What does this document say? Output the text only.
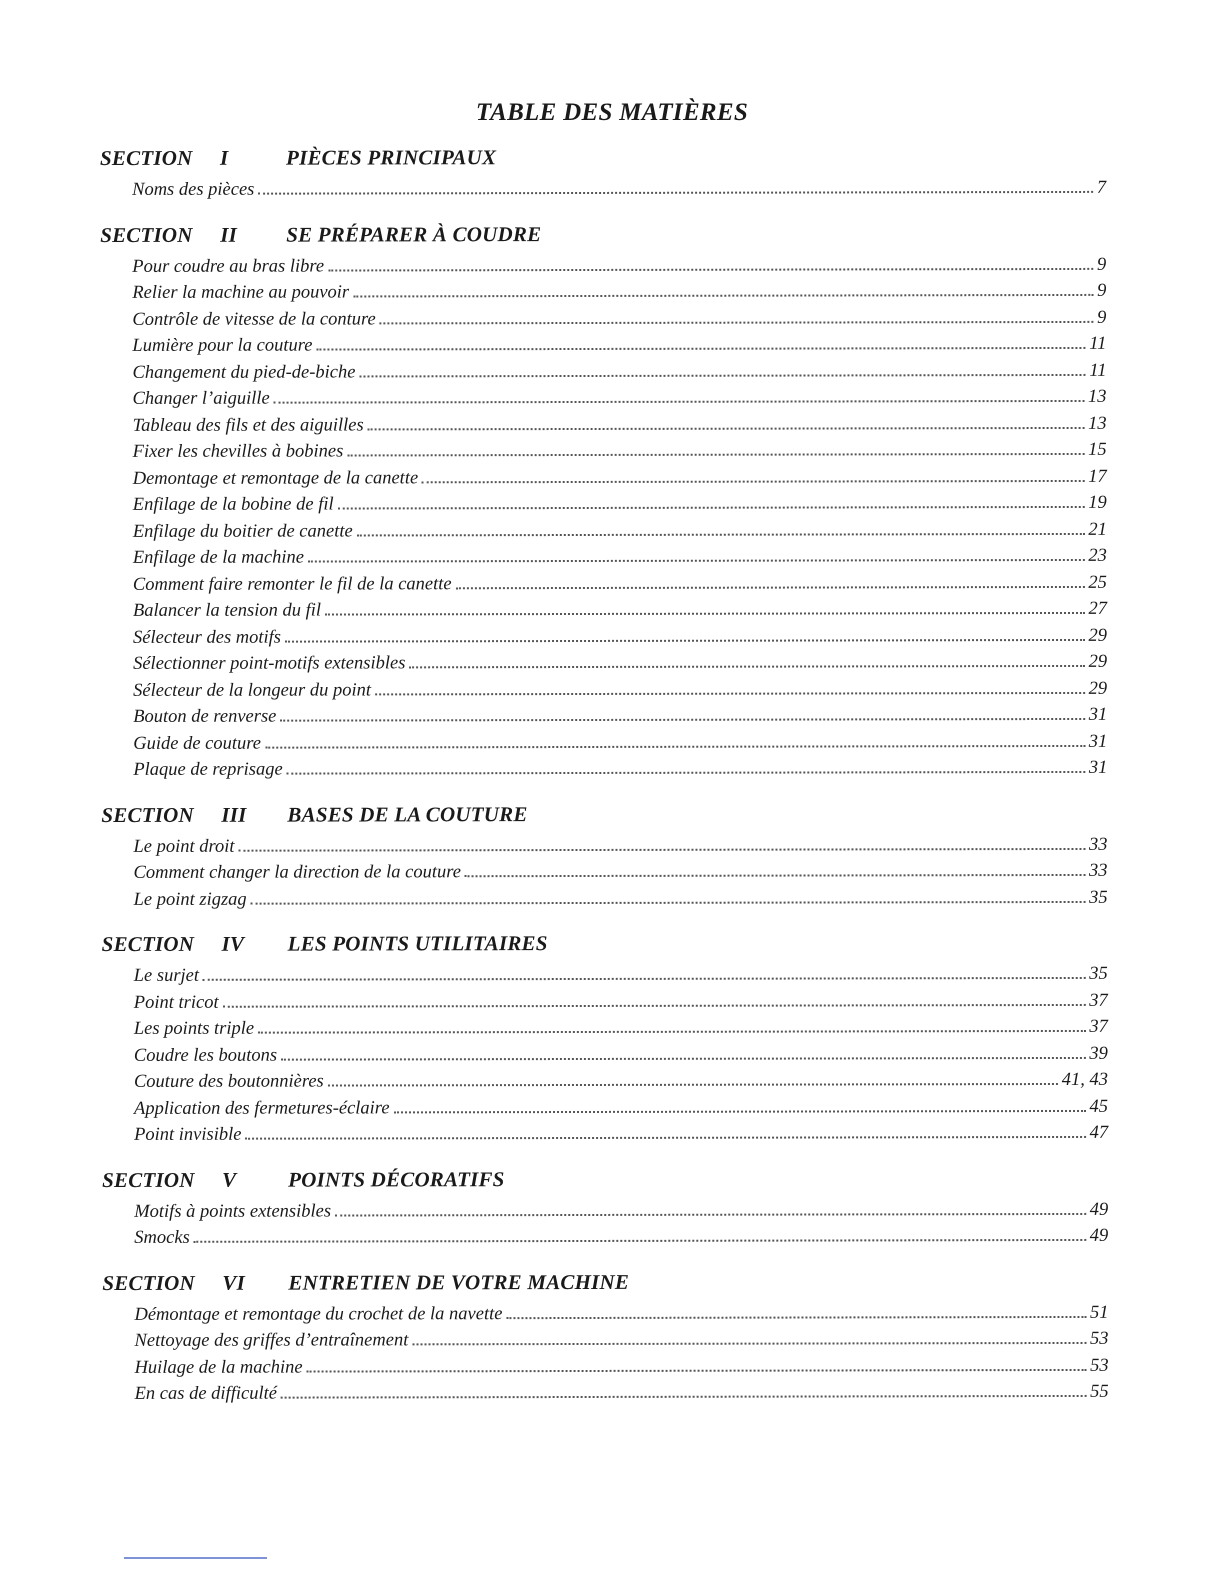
TABLE DES MATIÈRES
SECTION	I	PIÈCES PRINCIPAUX
Noms des pièces	7
SECTION	II	SE PRÉPARER À COUDRE
Pour coudre au bras libre	9
Relier la machine au pouvoir	9
Contrôle de vitesse de la conture	9
Lumière pour la couture	11
Changement du pied-de-biche	11
Changer l’aiguille	13
Tableau des fils et des aiguilles	13
Fixer les chevilles à bobines	15
Demontage et remontage de la canette	17
Enfilage de la bobine de fil	19
Enfilage du boitier de canette	21
Enfilage de la machine	23
Comment faire remonter le fil de la canette	25
Balancer la tension du fil	27
Sélecteur des motifs	29
Sélectionner point-motifs extensibles	29
Sélecteur de la longeur du point	29
Bouton de renverse	31
Guide de couture	31
Plaque de reprisage	31
SECTION	III	BASES DE LA COUTURE
Le point droit	33
Comment changer la direction de la couture	33
Le point zigzag	35
SECTION	IV	LES POINTS UTILITAIRES
Le surjet	35
Point tricot	37
Les points triple	37
Coudre les boutons	39
Couture des boutonnières	41, 43
Application des fermetures-éclaire	45
Point invisible	47
SECTION	V	POINTS DÉCORATIFS
Motifs à points extensibles	49
Smocks	49
SECTION	VI	ENTRETIEN DE VOTRE MACHINE
Démontage et remontage du crochet de la navette	51
Nettoyage des griffes d’entraînement	53
Huilage de la machine	53
En cas de difficulté	55
